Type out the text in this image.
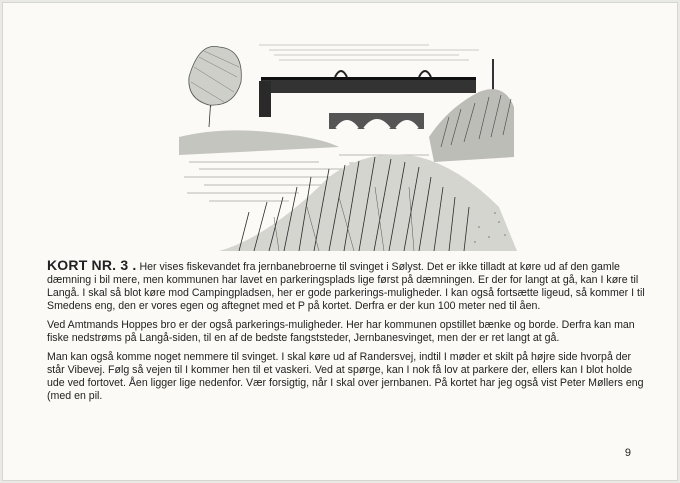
KORT NR. 3 . Her vises fiskevandet fra jernbanebroerne til svinget i Sølyst. Det er ikke tilladt at køre ud af den gamle dæmning i bil mere, men kommunen har lavet en parkeringsplads lige først på dæmningen. Er der for langt at gå, kan I køre til Langå. I skal så blot køre mod Campingpladsen, her er gode parkerings-muligheder. I kan også fortsætte ligeud, så kommer I til Smedens eng, den er vores egen og aftegnet med et P på kortet. Derfra er der kun 100 meter ned til åen.

Ved Amtmands Hoppes bro er der også parkerings-muligheder. Her har kommunen opstillet bænke og borde. Derfra kan man fiske nedstrøms på Langå-siden, til en af de bedste fangststeder, Jernbanesvinget, men der er ret langt at gå.

Man kan også komme noget nemmere til svinget. I skal køre ud af Randersvej, indtil I møder et skilt på højre side hvorpå der står Vibevej. Følg så vejen til I kommer hen til et vaskeri. Ved at spørge, kan I nok få lov at parkere der, ellers kan I blot holde ude ved fortovet. Åen ligger lige nedenfor. Vær forsigtig, når I skal over jernbanen. På kortet har jeg også vist Peter Møllers eng (med en pil.

9
